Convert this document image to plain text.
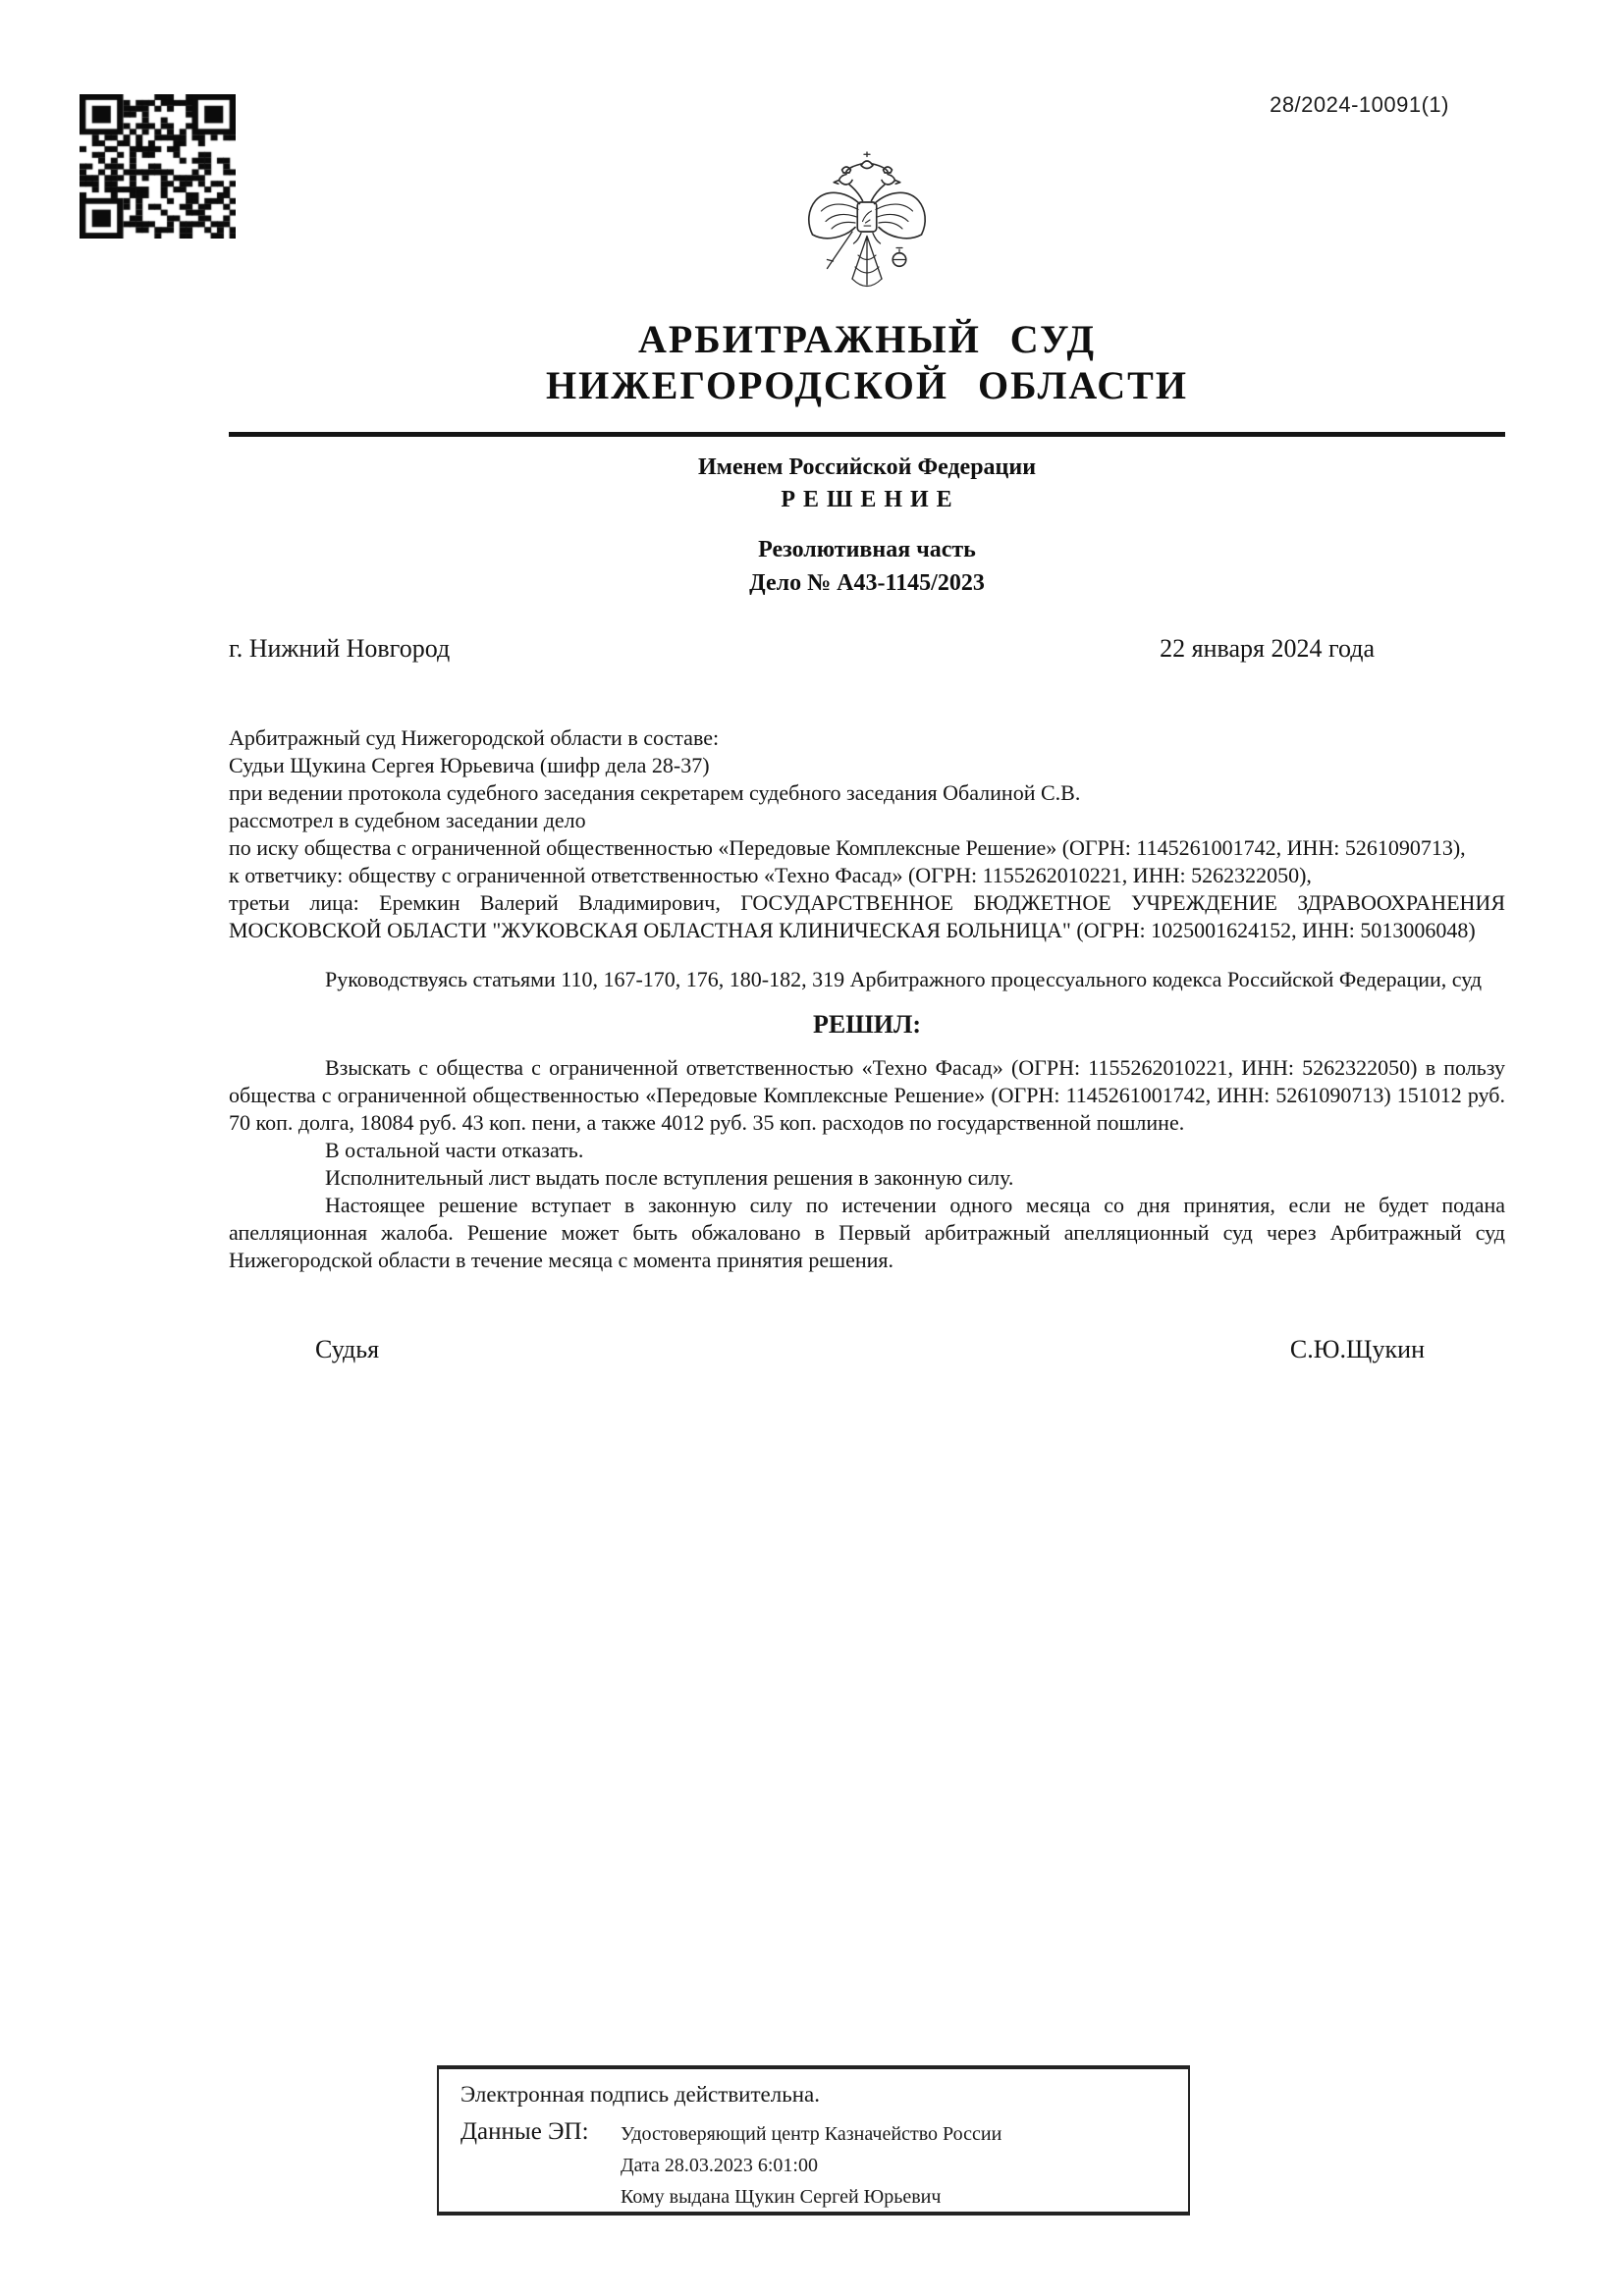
28/2024-10091(1)
АРБИТРАЖНЫЙ СУД
НИЖЕГОРОДСКОЙ ОБЛАСТИ
Именем Российской Федерации
Р Е Ш Е Н И Е
Резолютивная часть
Дело № А43-1145/2023
г. Нижний Новгород	22 января 2024 года
Арбитражный суд Нижегородской области в составе:
Судьи Щукина Сергея Юрьевича (шифр дела 28-37)
при ведении протокола судебного заседания секретарем судебного заседания Обалиной С.В.
рассмотрел в судебном заседании дело
по иску общества с ограниченной общественностью «Передовые Комплексные Решение» (ОГРН: 1145261001742, ИНН: 5261090713),
к ответчику: обществу с ограниченной ответственностью «Техно Фасад» (ОГРН: 1155262010221, ИНН: 5262322050),
третьи лица: Еремкин Валерий Владимирович, ГОСУДАРСТВЕННОЕ БЮДЖЕТНОЕ УЧРЕЖДЕНИЕ ЗДРАВООХРАНЕНИЯ МОСКОВСКОЙ ОБЛАСТИ "ЖУКОВСКАЯ ОБЛАСТНАЯ КЛИНИЧЕСКАЯ БОЛЬНИЦА" (ОГРН: 1025001624152, ИНН: 5013006048)
Руководствуясь статьями 110, 167-170, 176, 180-182, 319 Арбитражного процессуального кодекса Российской Федерации, суд
РЕШИЛ:
Взыскать с общества с ограниченной ответственностью «Техно Фасад» (ОГРН: 1155262010221, ИНН: 5262322050) в пользу общества с ограниченной общественностью «Передовые Комплексные Решение» (ОГРН: 1145261001742, ИНН: 5261090713) 151012 руб. 70 коп. долга, 18084 руб. 43 коп. пени, а также 4012 руб. 35 коп. расходов по государственной пошлине.
В остальной части отказать.
Исполнительный лист выдать после вступления решения в законную силу.
Настоящее решение вступает в законную силу по истечении одного месяца со дня принятия, если не будет подана апелляционная жалоба. Решение может быть обжаловано в Первый арбитражный апелляционный суд через Арбитражный суд Нижегородской области в течение месяца с момента принятия решения.
Судья	С.Ю.Щукин
Электронная подпись действительна.
Данные ЭП:	Удостоверяющий центр Казначейство России
Дата 28.03.2023 6:01:00
Кому выдана Щукин Сергей Юрьевич
